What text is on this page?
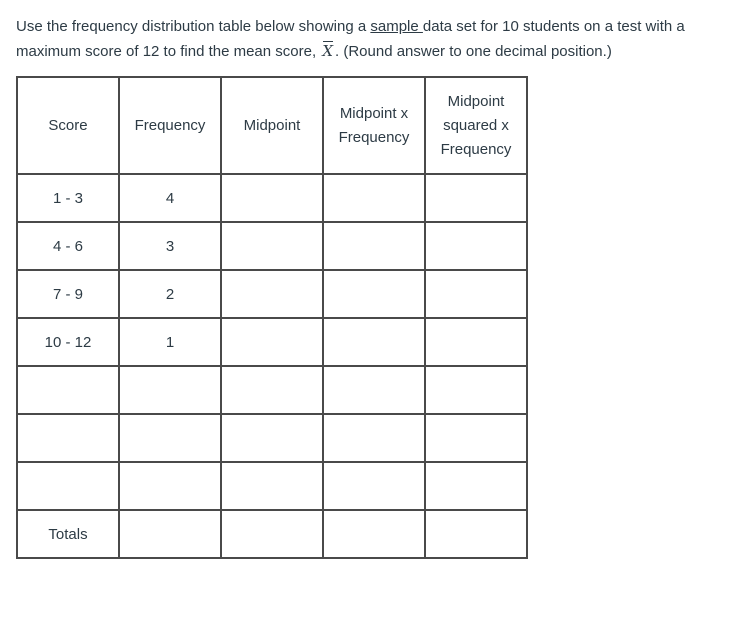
Use the frequency distribution table below showing a sample data set for 10 students on a test with a maximum score of 12 to find the mean score, X . (Round answer to one decimal position.)
Score	Frequency	Midpoint	Midpoint x Frequency	Midpoint squared x Frequency
1 - 3	4			
4 - 6	3			
7 - 9	2			
10 - 12	1			

Totals				
